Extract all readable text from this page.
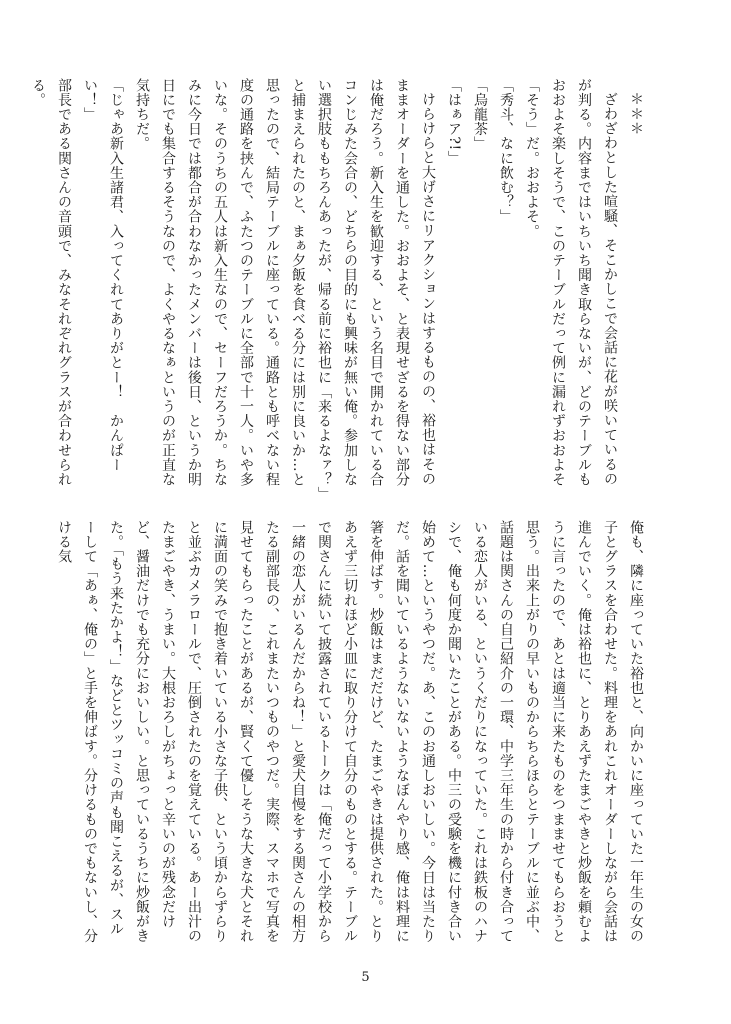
＊＊＊

ざわざわとした喧騒、そこかしこで会話に花が咲いているのが判る。内容まではいちいち聞き取らないが、どのテーブルもおおよそ楽しそうで、このテーブルだって例に漏れずおおよそ「そう」だ。おおよそ。

「秀斗、なに飲む？」

「烏龍茶」

「はぁア?!」

けらけらと大げさにリアクションはするものの、裕也はそのままオーダーを通した。おおよそ、と表現せざるを得ない部分は俺だろう。新入生を歓迎する、という名目で開かれている合コンじみた会合の、どちらの目的にも興味が無い俺。参加しない選択肢ももちろんあったが、帰る前に裕也に「来るよなァ？」と捕まえられたのと、まぁ夕飯を食べる分には別に良いか…と思ったので、結局テーブルに座っている。通路とも呼べない程度の通路を挟んで、ふたつのテーブルに全部で十一人。いや多いな。そのうちの五人は新入生なので、セーフだろうか。ちなみに今日では都合が合わなかったメンバーは後日、というか明日にでも集合するそうなので、よくやるなぁというのが正直な気持ちだ。

「じゃあ新入生諸君、入ってくれてありがとー！　かんぱーい！」

部長である関さんの音頭で、みなそれぞれグラスが合わせられる。

俺も、隣に座っていた裕也と、向かいに座っていた一年生の女の子とグラスを合わせた。料理をあれこれオーダーしながら会話は進んでいく。俺は裕也に、とりあえずたまごやきと炒飯を頼むように言ったので、あとは適当に来たものをつまませてもらおうと思う。出来上がりの早いものからちらほらとテーブルに並ぶ中、話題は関さんの自己紹介の一環、中学三年生の時から付き合っている恋人がいる、というくだりになっていた。これは鉄板のハナシで、俺も何度か聞いたことがある。中三の受験を機に付き合い始めて…というやつだ。あ、このお通しおいしい。今日は当たりだ。話を聞いているようないないようなぼんやり感、俺は料理に箸を伸ばす。炒飯はまだだけど、たまごやきは提供された。とりあえず三切れほど小皿に取り分けて自分のものとする。テーブルで関さんに続いて披露されているトークは「俺だって小学校から一緒の恋人がいるんだからね！」と愛犬自慢をする関さんの相方たる副部長の、これまたいつものやつだ。実際、スマホで写真を見せてもらったことがあるが、賢くて優しそうな大きな犬とそれに満面の笑みで抱き着いている小さな子供、という頃からずらりと並ぶカメラロールで、圧倒されたのを覚えている。あー出汁のたまごやき、うまい。大根おろしがちょっと辛いのが残念だけど、醤油だけでも充分においしい。と思っているうちに炒飯がきた。「もう来たかよ！」などとツッコミの声も聞こえるが、スルーして「あぁ、俺の」と手を伸ばす。分けるものでもないし、分ける気

5
